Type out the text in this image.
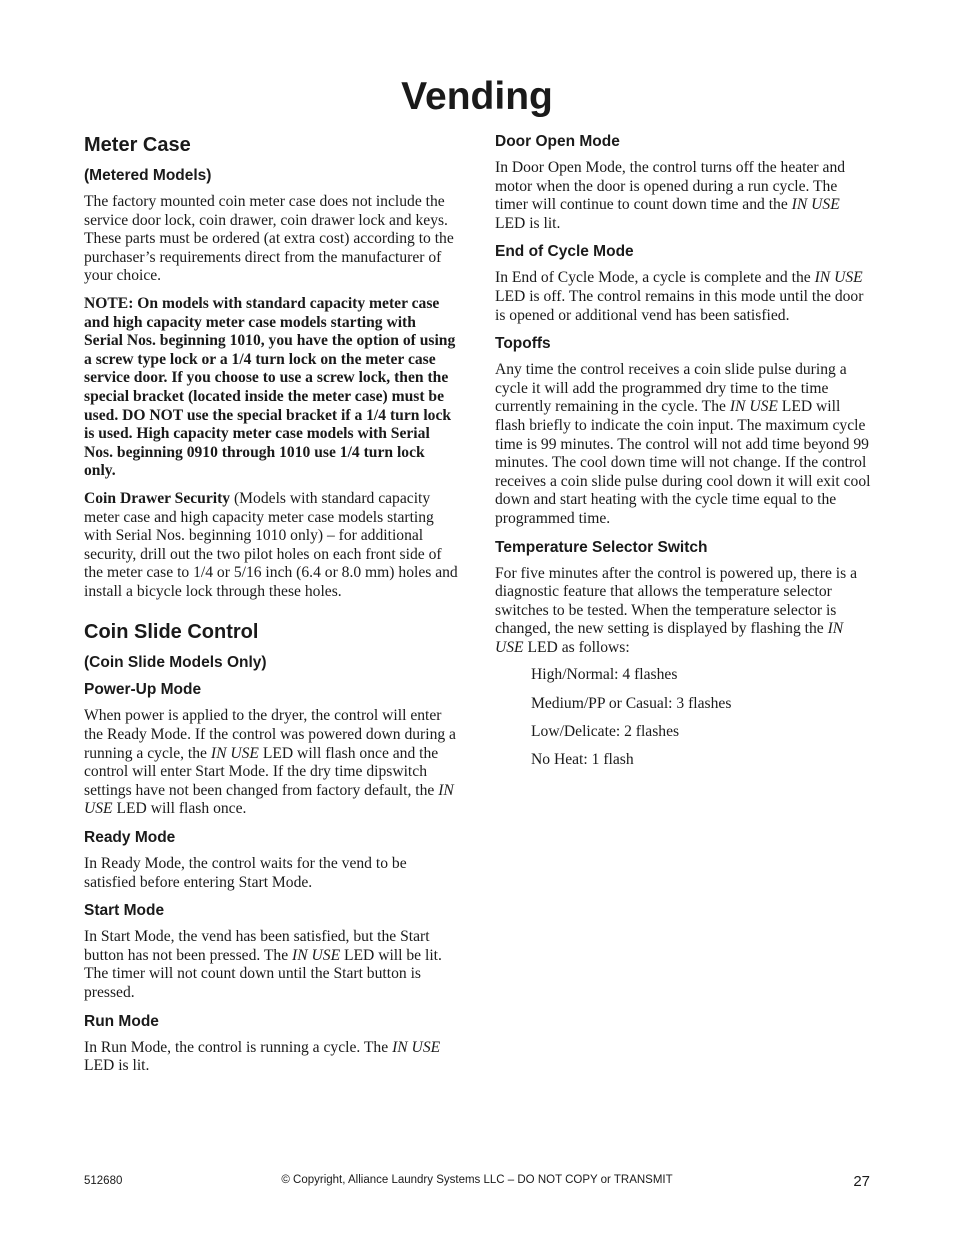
Vending
Meter Case
(Metered Models)

The factory mounted coin meter case does not include the service door lock, coin drawer, coin drawer lock and keys. These parts must be ordered (at extra cost) according to the purchaser’s requirements direct from the manufacturer of your choice.

NOTE: On models with standard capacity meter case and high capacity meter case models starting with Serial Nos. beginning 1010, you have the option of using a screw type lock or a 1/4 turn lock on the meter case service door. If you choose to use a screw lock, then the special bracket (located inside the meter case) must be used. DO NOT use the special bracket if a 1/4 turn lock is used. High capacity meter case models with Serial Nos. beginning 0910 through 1010 use 1/4 turn lock only.

Coin Drawer Security (Models with standard capacity meter case and high capacity meter case models starting with Serial Nos. beginning 1010 only) – for additional security, drill out the two pilot holes on each front side of the meter case to 1/4 or 5/16 inch (6.4 or 8.0 mm) holes and install a bicycle lock through these holes.

Coin Slide Control
(Coin Slide Models Only)
Power-Up Mode

When power is applied to the dryer, the control will enter the Ready Mode. If the control was powered down during a running a cycle, the IN USE LED will flash once and the control will enter Start Mode. If the dry time dipswitch settings have not been changed from factory default, the IN USE LED will flash once.

Ready Mode

In Ready Mode, the control waits for the vend to be satisfied before entering Start Mode.

Start Mode

In Start Mode, the vend has been satisfied, but the Start button has not been pressed. The IN USE LED will be lit. The timer will not count down until the Start button is pressed.

Run Mode

In Run Mode, the control is running a cycle. The IN USE LED is lit.

Door Open Mode

In Door Open Mode, the control turns off the heater and motor when the door is opened during a run cycle. The timer will continue to count down time and the IN USE LED is lit.

End of Cycle Mode

In End of Cycle Mode, a cycle is complete and the IN USE LED is off. The control remains in this mode until the door is opened or additional vend has been satisfied.

Topoffs

Any time the control receives a coin slide pulse during a cycle it will add the programmed dry time to the time currently remaining in the cycle. The IN USE LED will flash briefly to indicate the coin input. The maximum cycle time is 99 minutes. The control will not add time beyond 99 minutes. The cool down time will not change. If the control receives a coin slide pulse during cool down it will exit cool down and start heating with the cycle time equal to the programmed time.

Temperature Selector Switch

For five minutes after the control is powered up, there is a diagnostic feature that allows the temperature selector switches to be tested. When the temperature selector is changed, the new setting is displayed by flashing the IN USE LED as follows:

High/Normal: 4 flashes

Medium/PP or Casual: 3 flashes

Low/Delicate: 2 flashes

No Heat: 1 flash

512680	© Copyright, Alliance Laundry Systems LLC – DO NOT COPY or TRANSMIT	27
